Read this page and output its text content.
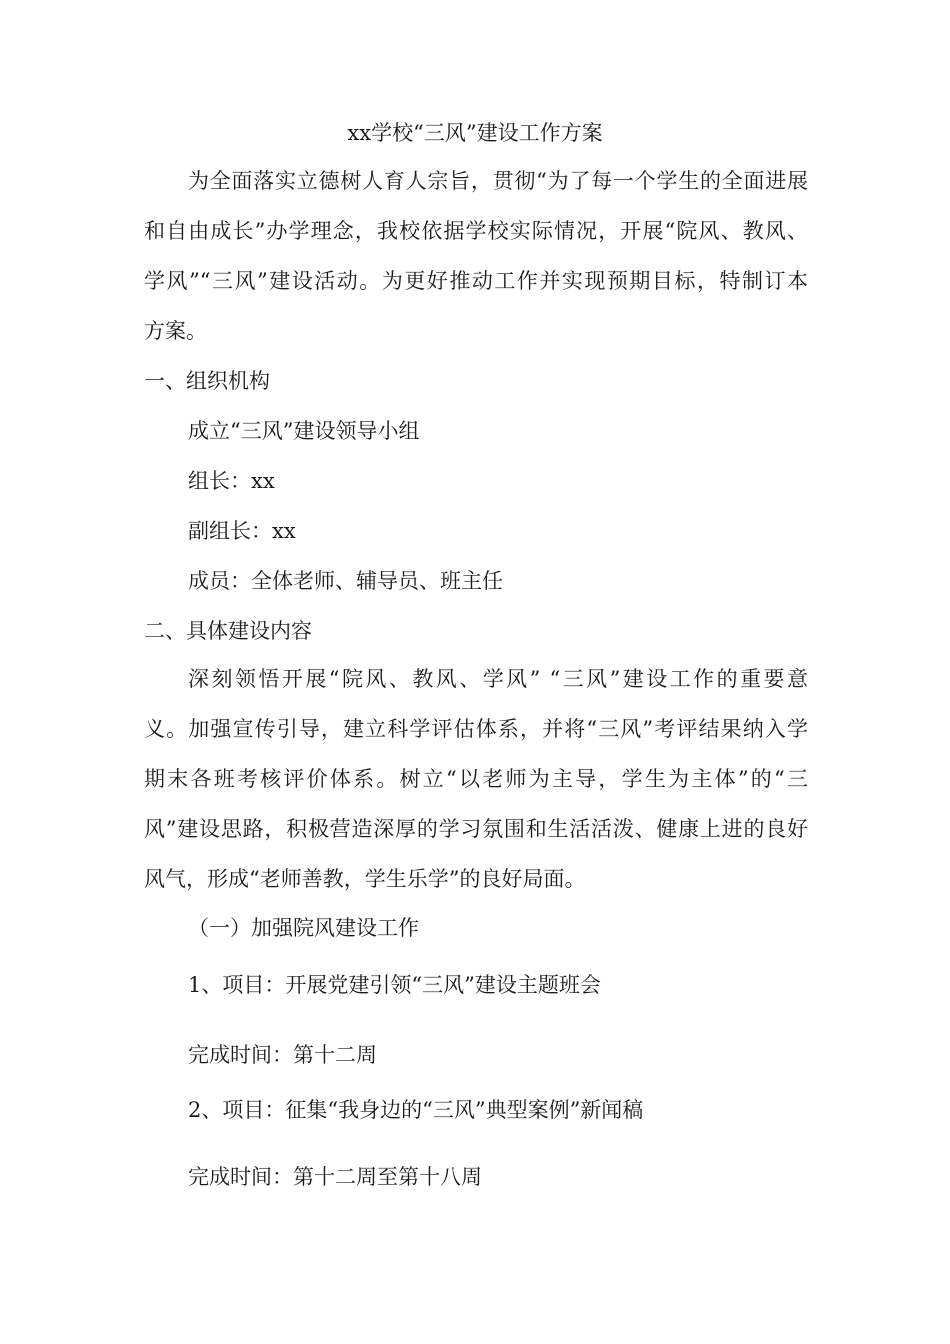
xx学校“三风”建设工作方案

为全面落实立德树人育人宗旨，贯彻“为了每一个学生的全面进展

和自由成长”办学理念，我校依据学校实际情况，开展“院风、教风、

学风”“三风”建设活动。为更好推动工作并实现预期目标，特制订本

方案。

一、组织机构

成立“三风”建设领导小组

组长：xx

副组长：xx

成员：全体老师、辅导员、班主任

二、具体建设内容

深刻领悟开展“院风、教风、学风” “三风”建设工作的重要意

义。加强宣传引导，建立科学评估体系，并将“三风”考评结果纳入学

期末各班考核评价体系。树立“以老师为主导，学生为主体”的“三

风”建设思路，积极营造深厚的学习氛围和生活活泼、健康上进的良好

风气，形成“老师善教，学生乐学”的良好局面。

（一）加强院风建设工作

1、项目：开展党建引领“三风”建设主题班会

完成时间：第十二周

2、项目：征集“我身边的“三风”典型案例”新闻稿

完成时间：第十二周至第十八周
